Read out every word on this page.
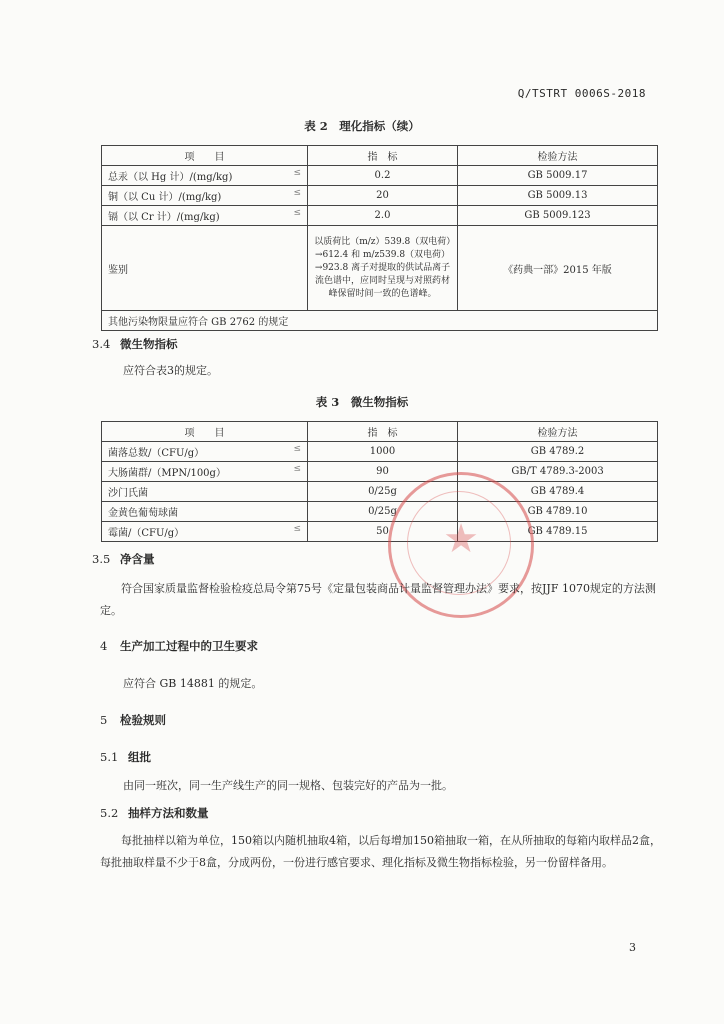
Q/TSTRT 0006S-2018
表 2　理化指标（续）
项　　目	指　标	检验方法
总汞（以 Hg 计）/(mg/kg) ≤	0.2	GB 5009.17
铜（以 Cu 计）/(mg/kg) ≤	20	GB 5009.13
镉（以 Cr 计）/(mg/kg) ≤	2.0	GB 5009.123
鉴别	以质荷比（m/z）539.8（双电荷）→612.4 和 m/z539.8（双电荷）→923.8 离子对提取的供试品离子流色谱中，应同时呈现与对照药材峰保留时间一致的色谱峰。	《药典一部》2015 年版
其他污染物限量应符合 GB 2762 的规定		
3.4 微生物指标
应符合表3的规定。
表 3　微生物指标
项　　目	指　标	检验方法
菌落总数/（CFU/g） ≤	1000	GB 4789.2
大肠菌群/（MPN/100g） ≤	90	GB/T 4789.3-2003
沙门氏菌	0/25g	GB 4789.4
金黄色葡萄球菌	0/25g	GB 4789.10
霉菌/（CFU/g） ≤	50	GB 4789.15
★
3.5 净含量
符合国家质量监督检验检疫总局令第75号《定量包装商品计量监督管理办法》要求，按JJF 1070规定的方法测定。
4 生产加工过程中的卫生要求
应符合 GB 14881 的规定。
5 检验规则
5.1 组批
由同一班次，同一生产线生产的同一规格、包装完好的产品为一批。
5.2 抽样方法和数量
每批抽样以箱为单位，150箱以内随机抽取4箱，以后每增加150箱抽取一箱，在从所抽取的每箱内取样品2盒，每批抽取样量不少于8盒，分成两份，一份进行感官要求、理化指标及微生物指标检验，另一份留样备用。
3
